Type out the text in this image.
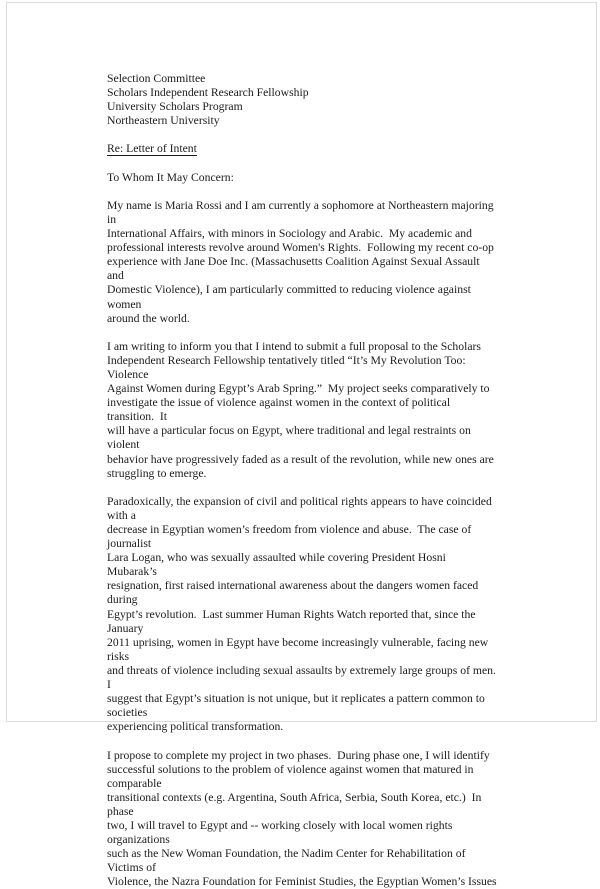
Selection Committee
Scholars Independent Research Fellowship
University Scholars Program
Northeastern University
Re: Letter of Intent
To Whom It May Concern:
My name is Maria Rossi and I am currently a sophomore at Northeastern majoring in
International Affairs, with minors in Sociology and Arabic.  My academic and
professional interests revolve around Women's Rights.  Following my recent co-op
experience with Jane Doe Inc. (Massachusetts Coalition Against Sexual Assault and
Domestic Violence), I am particularly committed to reducing violence against women
around the world.
I am writing to inform you that I intend to submit a full proposal to the Scholars
Independent Research Fellowship tentatively titled “It’s My Revolution Too: Violence
Against Women during Egypt’s Arab Spring.”  My project seeks comparatively to
investigate the issue of violence against women in the context of political transition.  It
will have a particular focus on Egypt, where traditional and legal restraints on violent
behavior have progressively faded as a result of the revolution, while new ones are
struggling to emerge.
Paradoxically, the expansion of civil and political rights appears to have coincided with a
decrease in Egyptian women’s freedom from violence and abuse.  The case of journalist
Lara Logan, who was sexually assaulted while covering President Hosni Mubarak’s
resignation, first raised international awareness about the dangers women faced during
Egypt’s revolution.  Last summer Human Rights Watch reported that, since the January
2011 uprising, women in Egypt have become increasingly vulnerable, facing new risks
and threats of violence including sexual assaults by extremely large groups of men. I
suggest that Egypt’s situation is not unique, but it replicates a pattern common to societies
experiencing political transformation.
I propose to complete my project in two phases.  During phase one, I will identify
successful solutions to the problem of violence against women that matured in comparable
transitional contexts (e.g. Argentina, South Africa, Serbia, South Korea, etc.)  In phase
two, I will travel to Egypt and -- working closely with local women rights organizations
such as the New Woman Foundation, the Nadim Center for Rehabilitation of Victims of
Violence, the Nazra Foundation for Feminist Studies, the Egyptian Women’s Issues
